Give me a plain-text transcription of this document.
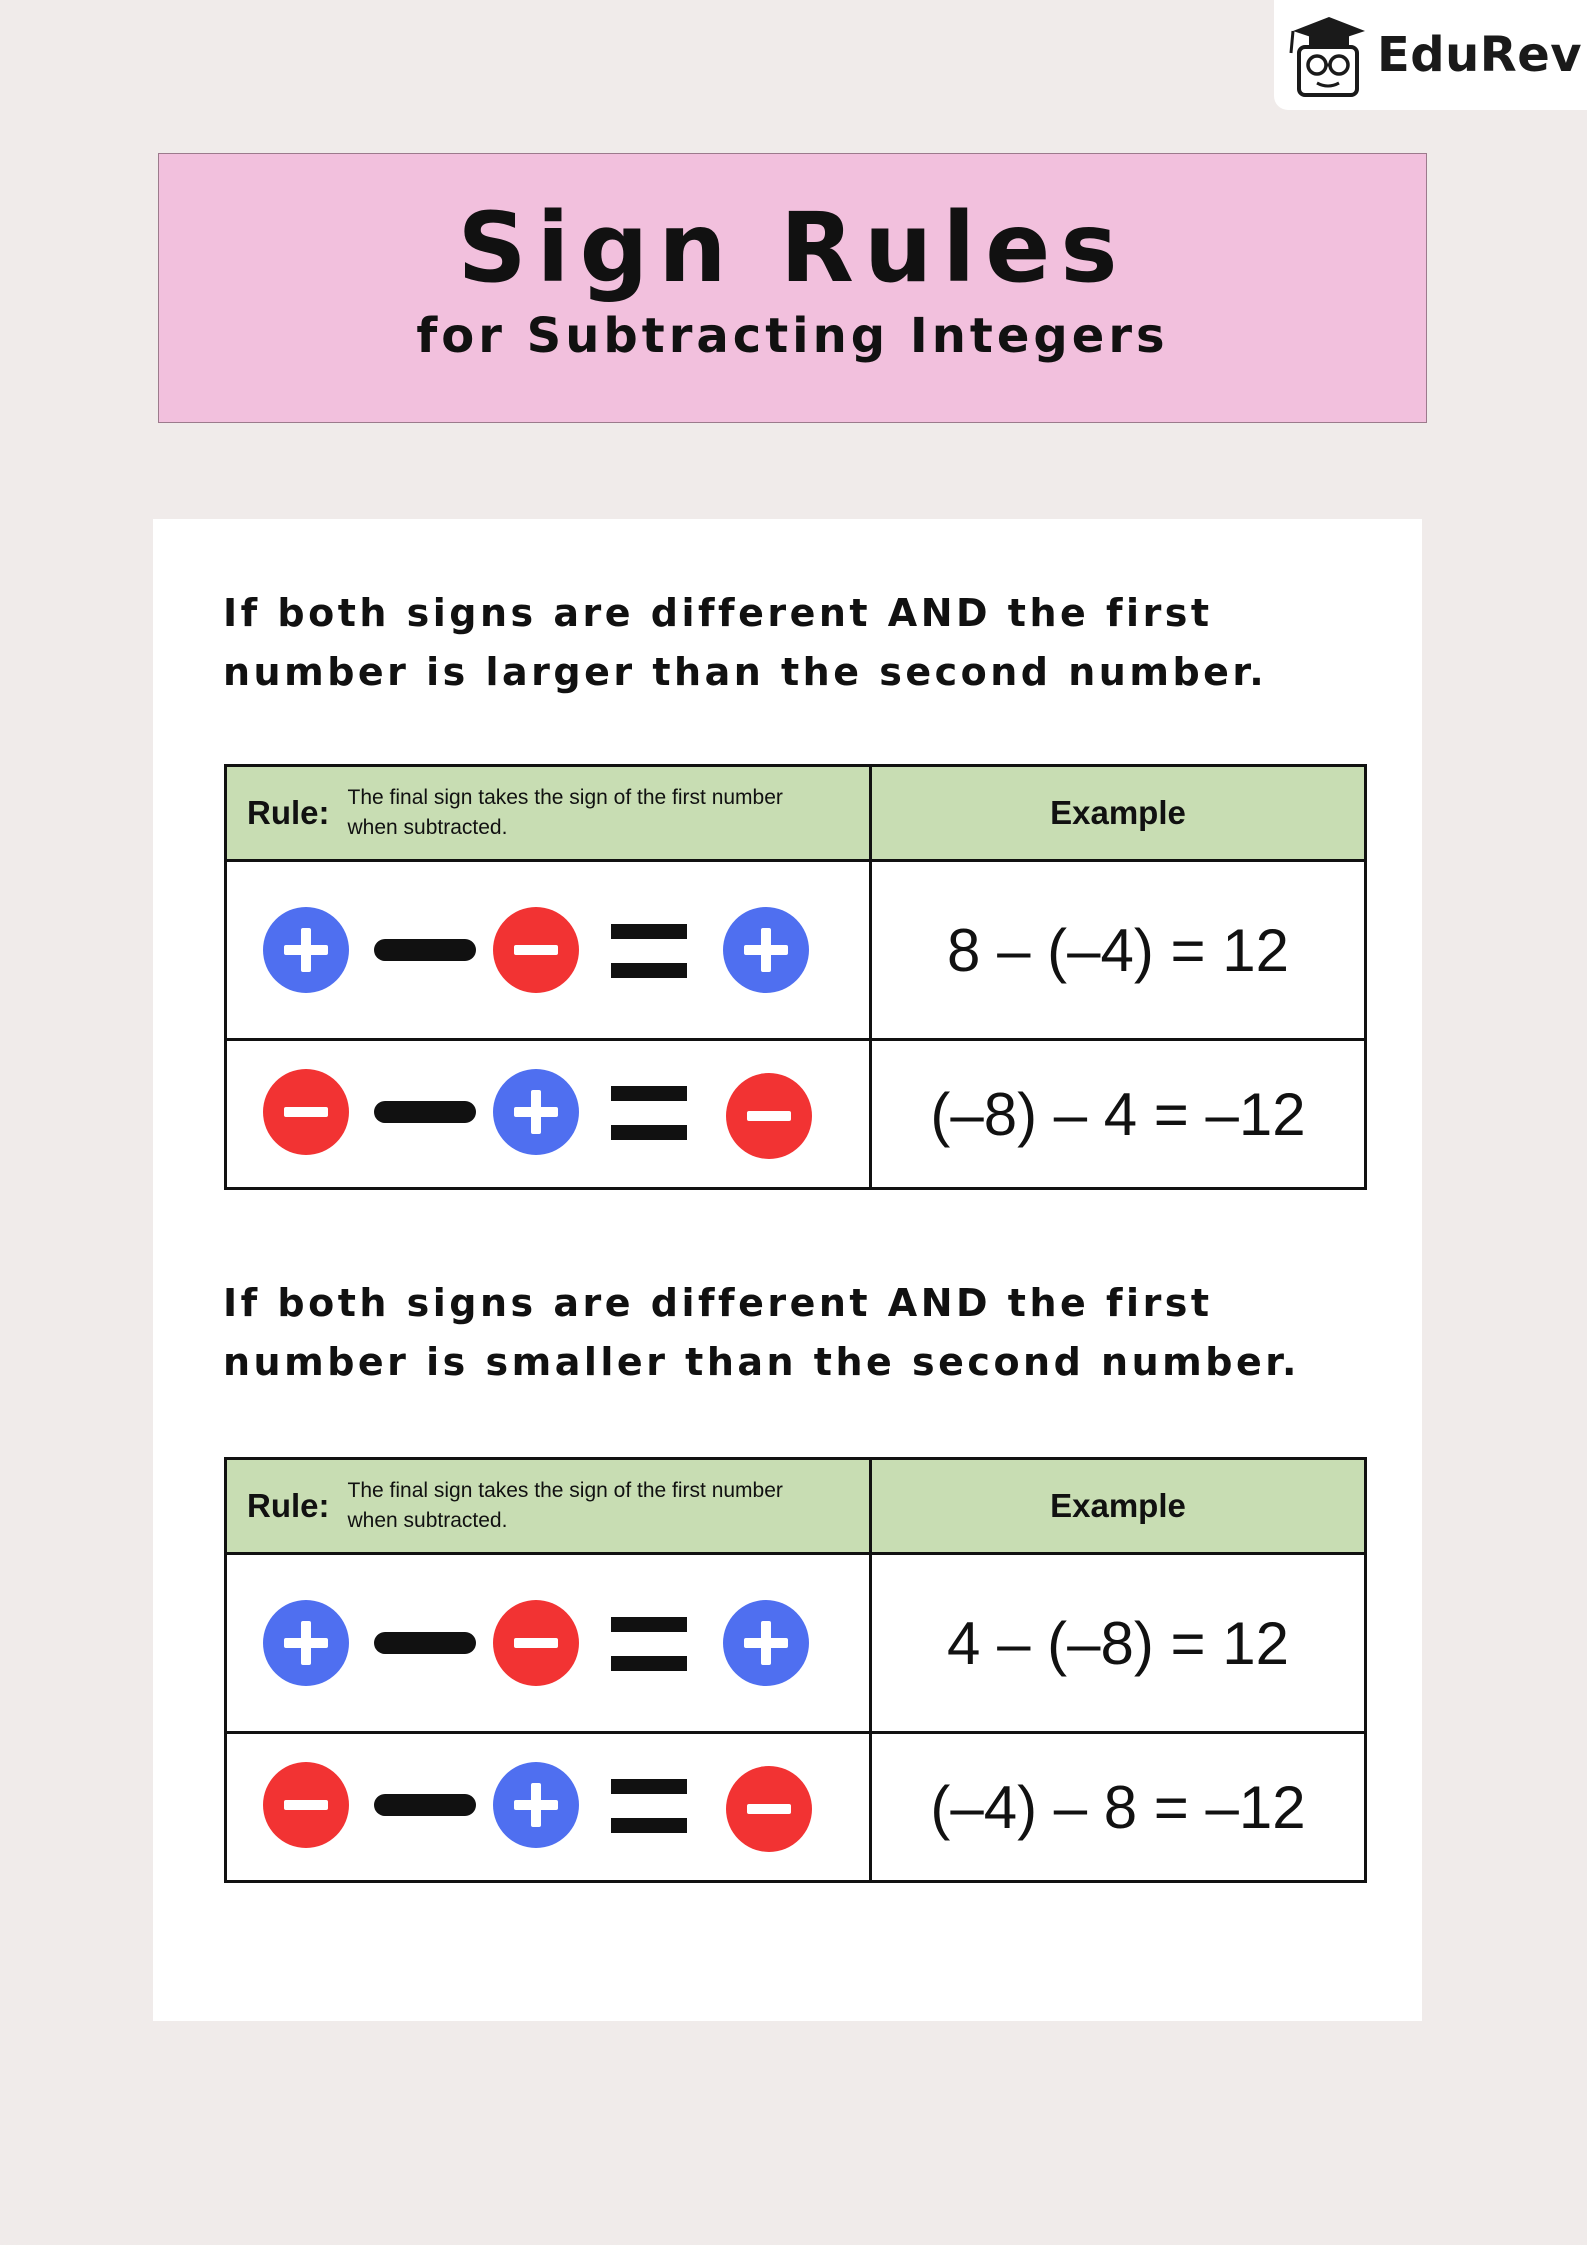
EduRev
Sign Rules
for Subtracting Integers
If both signs are different AND the first
number is larger than the second number.
Rule: The final sign takes the sign of the first number
when subtracted.	Example

	8 – (–4) = 12

	(–8) – 4 = –12
If both signs are different AND the first
number is smaller than the second number.
Rule: The final sign takes the sign of the first number
when subtracted.	Example

	4 – (–8) = 12

	(–4) – 8 = –12
